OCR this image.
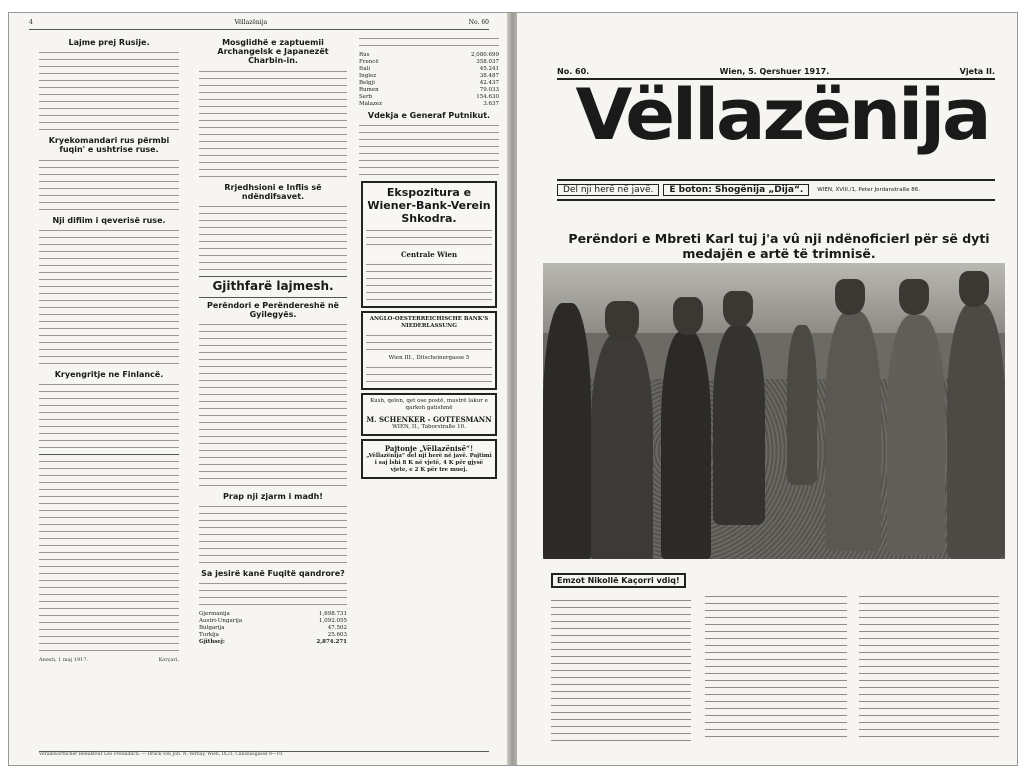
4	Vëllazënija	No. 60
Lajme prej Rusije.
Kryekomandari rus përmbi fuqin' e ushtrise ruse.
Nji difiim i qeverisë ruse.
Kryengritje ne Finlancë.
Anesti, 1 maj 1917.	Korçari.
Mosglidhë e zaptuemii Archangelsk e Japanezët Charbin-in.
Rrjedhsioni e Inflis së ndëndifsavet.
Gjithfarë lajmesh.
Perëndori e Perëndereshë në Gyilegyës.
Prap nji zjarm i madh!
Sa jesirë kanë Fuqitë qandrore?
Gjermanija	1,698.731
Austri-Ungarija	1,092.055
Bulgarija	47.502
Turkija	25.603
Gjithsej:	2,874.271
Rus	2,080.699
Frencë	358.037
Itali	45.241
Inglez	38.487
Belgji	42.437
Rumen	79.033
Serb	154.630
Malazez	3.637
Vdekja e Generaf Putnikut.
Ekspozitura e Wiener-Bank-Verein Shkodra.
Centrale Wien
ANGLO-OESTERREICHISCHE BANK'S NIEDERLASSUNG
Wien III., Ditscheinergasse 5
Kush, qelon, qet ose postë, mustrë lakur e qarkoh gatishmë
M. SCHENKER - GOTTESMANN
WIEN, II., Taborstraße 10.
Pajtonje „Vëllazënisë“!
„Vëllazënija“ del nji herë në javë. Pajtimi i saj lshi 8 K në vjetë, 4 K për gjysë vjete, e 2 K për tre muej.
Veranlwortlicher Redakteur Leo Freundlich. — Druck von Joh. N. Vernay, Wien, IX./3, Canisiusgasse 8—10.
No. 60.	Wien, 5. Qershuer 1917.	Vjeta II.
Vëllazënija
Del nji herë në javë.	E boton: Shogënija „Dija“.	WIEN, XVIII./1, Peter Jordanstraße 86.
Perëndori e Mbreti Karl tuj j'a vû nji ndënoficierl për së dyti medajën e artë të trimnisë.
Emzot Nikollë Kaçorri vdiq!
